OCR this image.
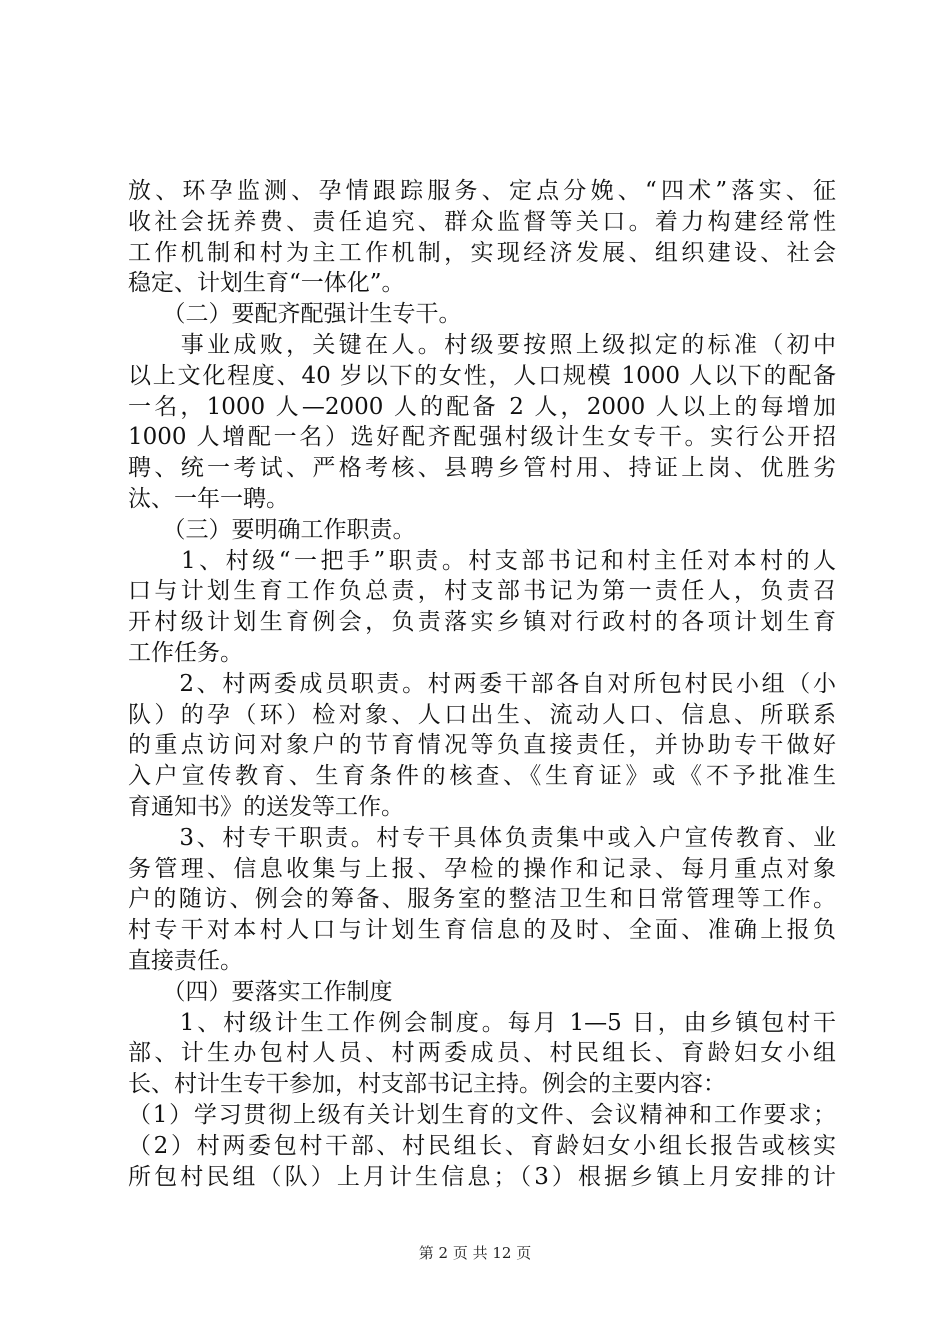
放、环孕监测、孕情跟踪服务、定点分娩、“四术”落实、征
收社会抚养费、责任追究、群众监督等关口。着力构建经常性
工作机制和村为主工作机制，实现经济发展、组织建设、社会
稳定、计划生育“一体化”。
　　（二）要配齐配强计生专干。
　　事业成败，关键在人。村级要按照上级拟定的标准（初中
以上文化程度、40 岁以下的女性，人口规模 1000 人以下的配备
一名，1000 人—2000 人的配备 2 人，2000 人以上的每增加
1000 人增配一名）选好配齐配强村级计生女专干。实行公开招
聘、统一考试、严格考核、县聘乡管村用、持证上岗、优胜劣
汰、一年一聘。
　　（三）要明确工作职责。
　　1、村级“一把手”职责。村支部书记和村主任对本村的人
口与计划生育工作负总责，村支部书记为第一责任人，负责召
开村级计划生育例会，负责落实乡镇对行政村的各项计划生育
工作任务。
　　2、村两委成员职责。村两委干部各自对所包村民小组（小
队）的孕（环）检对象、人口出生、流动人口、信息、所联系
的重点访问对象户的节育情况等负直接责任，并协助专干做好
入户宣传教育、生育条件的核查、《生育证》或《不予批准生
育通知书》的送发等工作。
　　3、村专干职责。村专干具体负责集中或入户宣传教育、业
务管理、信息收集与上报、孕检的操作和记录、每月重点对象
户的随访、例会的筹备、服务室的整洁卫生和日常管理等工作。
村专干对本村人口与计划生育信息的及时、全面、准确上报负
直接责任。
　　（四）要落实工作制度
　　1、村级计生工作例会制度。每月 1—5 日，由乡镇包村干
部、计生办包村人员、村两委成员、村民组长、育龄妇女小组
长、村计生专干参加，村支部书记主持。例会的主要内容：
（1）学习贯彻上级有关计划生育的文件、会议精神和工作要求；
（2）村两委包村干部、村民组长、育龄妇女小组长报告或核实
所包村民组（队）上月计生信息；（3）根据乡镇上月安排的计
第 2 页 共 12 页
